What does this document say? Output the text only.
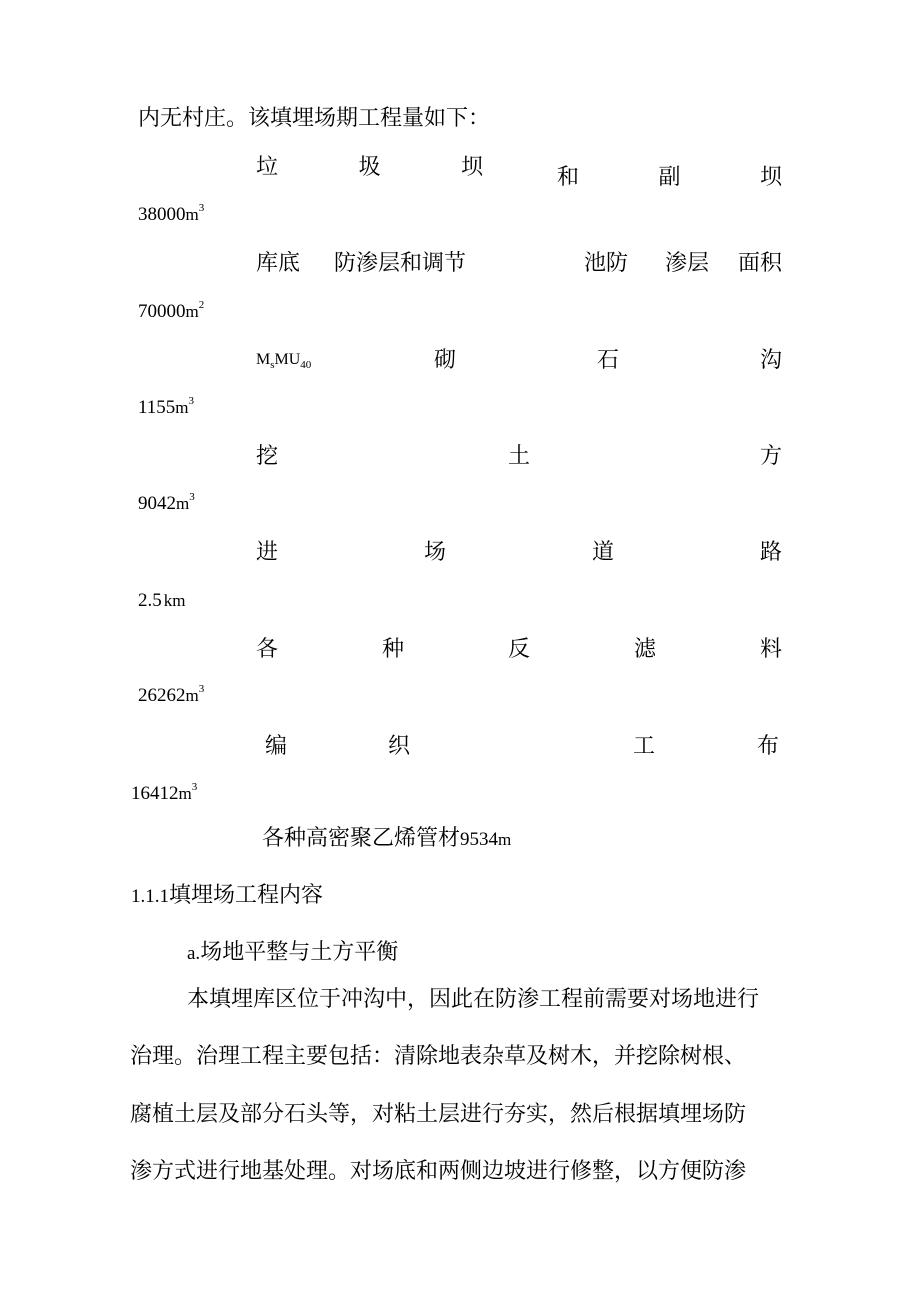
内无村庄。该填埋场期工程量如下：
垃	圾	坝	和	副	坝
$38000m^3$
库底 防渗层和调节	池防 渗层 面积
$70000m^2$
$M_sMU_{40}$	砌	石	沟
$1155m^3$
挖	土	方
$9042m^3$
进	场	道	路
2.5 km
各	种	反	滤	料
$26262m^3$
编	织	工	布
$16412m^3$
各种高密聚乙烯管材9534m
1.1.1填埋场工程内容
a.场地平整与土方平衡
本填埋库区位于冲沟中，因此在防渗工程前需要对场地进行
治理。治理工程主要包括：清除地表杂草及树木，并挖除树根、
腐植土层及部分石头等，对粘土层进行夯实，然后根据填埋场防
渗方式进行地基处理。对场底和两侧边坡进行修整，以方便防渗
